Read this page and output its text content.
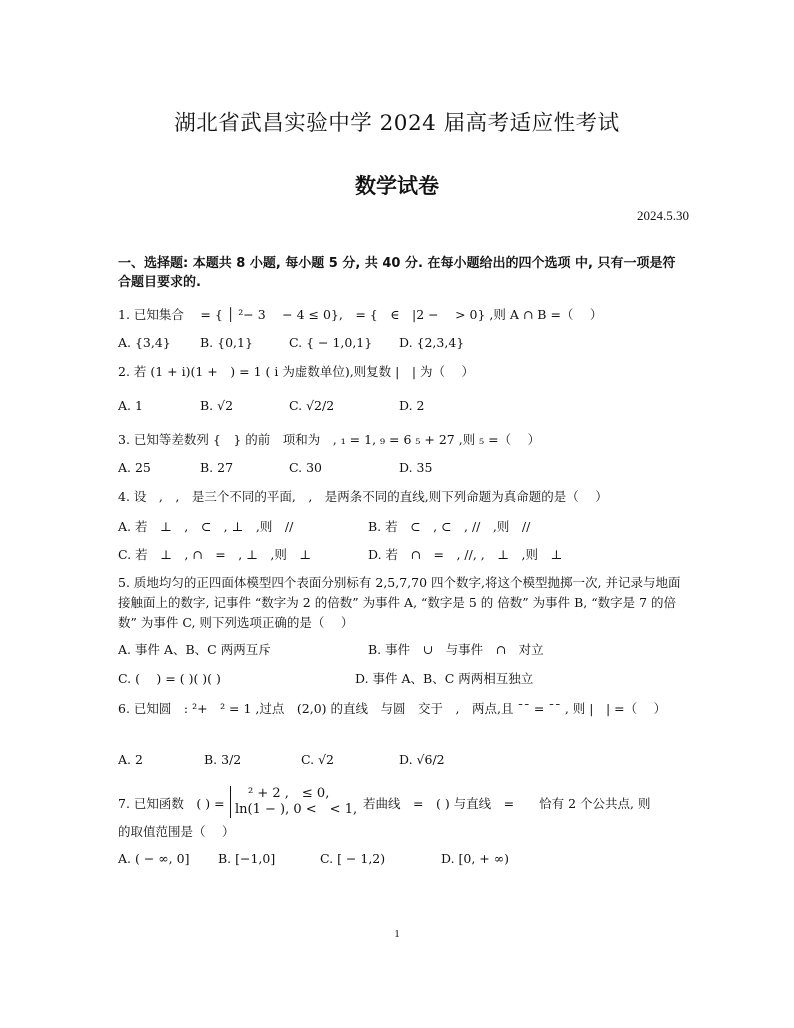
湖北省武昌实验中学 2024 届高考适应性考试
数学试卷
2024.5.30
一、选择题: 本题共 8 小题, 每小题 5 分, 共 40 分. 在每小题给出的四个选项 中, 只有一项是符合题目要求的.
1. 已知集合　 = { │ ²− 3 　− 4 ≤ 0},　= {　∈　|2 −　 > 0} ,则 A ∩ B =（　 ）
A. {3,4} B. {0,1}	C. { − 1,0,1} D. {2,3,4}
2. 若 (1 + i)(1 +　) = 1 ( i 为虚数单位),则复数 |　| 为（　 ）
A. 1	B. √2	C. √2/2	D. 2
3. 已知等差数列 {　} 的前　项和为　, ₁ = 1, ₉ = 6 ₅ + 27 ,则 ₅ =（　 ）
A. 25	B. 27	C. 30	D. 35
4. 设　,　,　是三个不同的平面,　,　是两条不同的直线,则下列命题为真命题的是（　 ）
A. 若　⊥　,　⊂　, ⊥　,则　//	B. 若　⊂　, ⊂　, //　,则　//
C. 若　⊥　, ∩　=　, ⊥　,则　⊥	D. 若　∩　=　, //, ,　⊥　,则　⊥
5. 质地均匀的正四面体模型四个表面分别标有 2,5,7,70 四个数字,将这个模型抛掷一次, 并记录与地面接触面上的数字, 记事件 “数字为 2 的倍数” 为事件 A, “数字是 5 的 倍数” 为事件 B, “数字是 7 的倍数” 为事件 C, 则下列选项正确的是（　 ）
A. 事件 A、B、C 两两互斥	B. 事件　∪　与事件　∩　对立
C. (　 ) = ( )( )( )	D. 事件 A、B、C 两两相互独立
6. 已知圆　: ²+　² = 1 ,过点　(2,0) 的直线　与圆　交于　,　两点,且 ¯¯ = ¯¯ , 则 |　| =（　 ）
A. 2	B. 3/2	C. √2	D. √6/2
7. 已知函数　( ) =
　² + 2 ,　≤ 0,
ln(1 − ), 0 <　< 1, 若曲线　=　( ) 与直线　=　　恰有 2 个公共点, 则
的取值范围是（　 ）
A. ( − ∞, 0] B. [−1,0]	C. [ − 1,2)	D. [0, + ∞)
1
